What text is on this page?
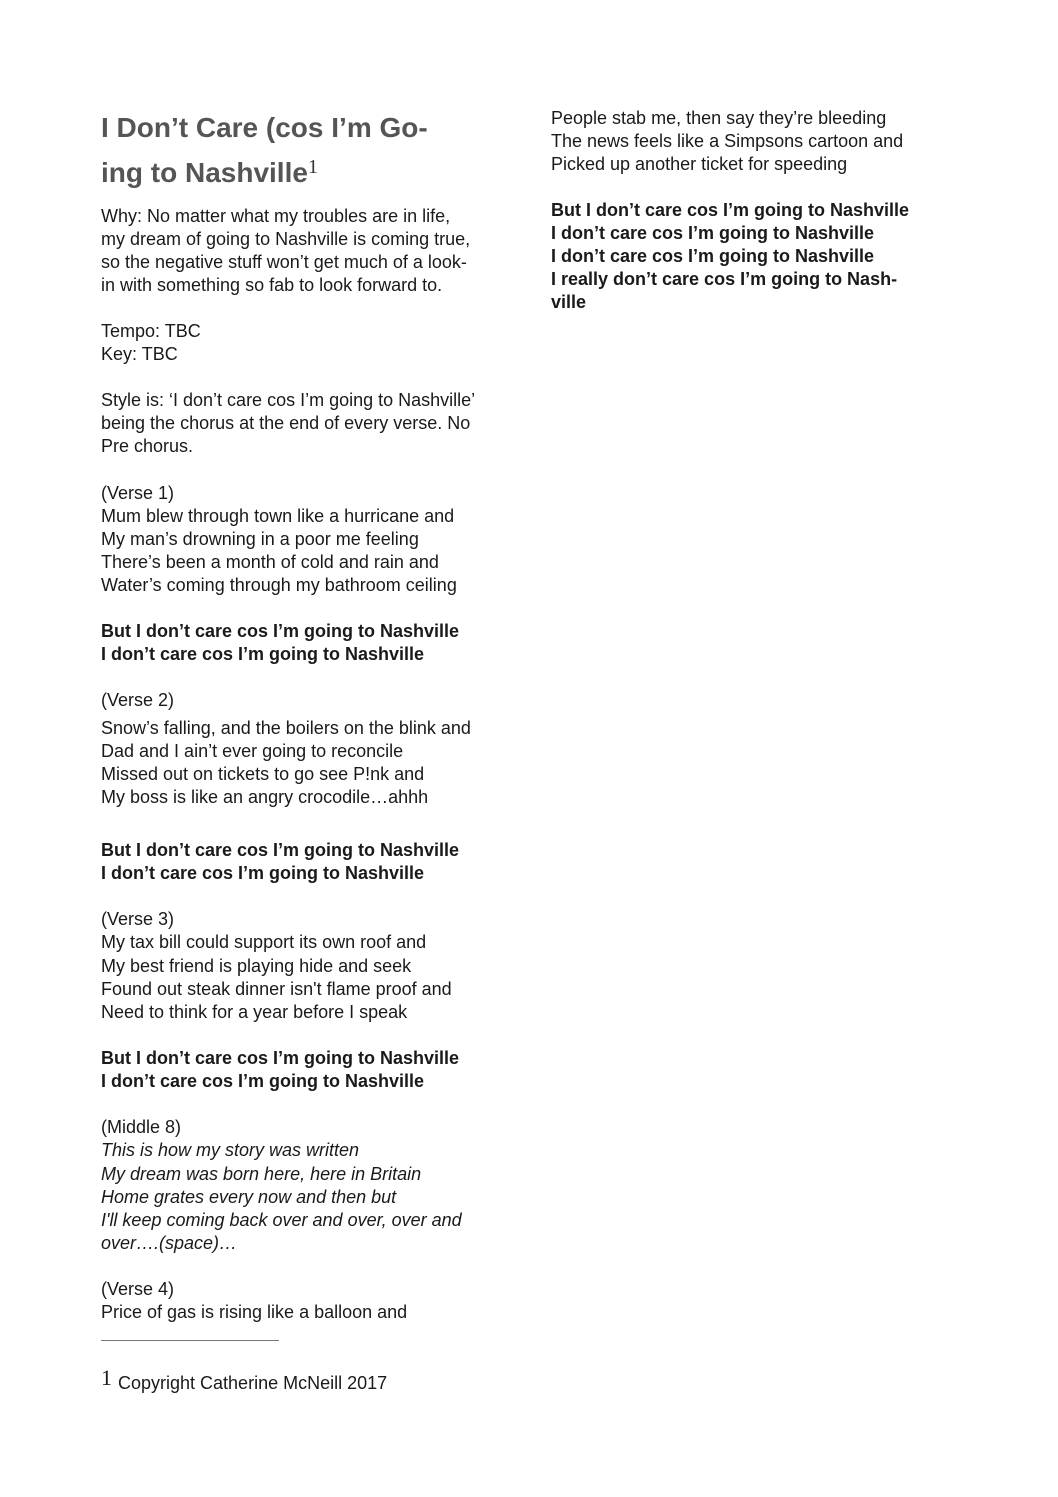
I Don’t Care (cos I’m Go-
ing to Nashville$^1$
Why: No matter what my troubles are in life,
my dream of going to Nashville is coming true,
so the negative stuff won’t get much of a look-
in with something so fab to look forward to.
Tempo: TBC
Key: TBC
Style is: ‘I don’t care cos I’m going to Nashville’
being the chorus at the end of every verse. No
Pre chorus.
(Verse 1)
Mum blew through town like a hurricane and
My man’s drowning in a poor me feeling
There’s been a month of cold and rain and
Water’s coming through my bathroom ceiling
But I don’t care cos I’m going to Nashville
I don’t care cos I’m going to Nashville
(Verse 2)
Snow’s falling, and the boilers on the blink and
Dad and I ain’t ever going to reconcile
Missed out on tickets to go see P!nk and
My boss is like an angry crocodile…ahhh
But I don’t care cos I’m going to Nashville
I don’t care cos I’m going to Nashville
(Verse 3)
My tax bill could support its own roof and
My best friend is playing hide and seek
Found out steak dinner isn't flame proof and
Need to think for a year before I speak
But I don’t care cos I’m going to Nashville
I don’t care cos I’m going to Nashville
(Middle 8)
This is how my story was written
My dream was born here, here in Britain
Home grates every now and then but
I'll keep coming back over and over, over and
over….(space)…
(Verse 4)
Price of gas is rising like a balloon and
People stab me, then say they’re bleeding
The news feels like a Simpsons cartoon and
Picked up another ticket for speeding
But I don’t care cos I’m going to Nashville
I don’t care cos I’m going to Nashville
I don’t care cos I’m going to Nashville
I really don’t care cos I’m going to Nash-
ville
1 Copyright Catherine McNeill 2017
